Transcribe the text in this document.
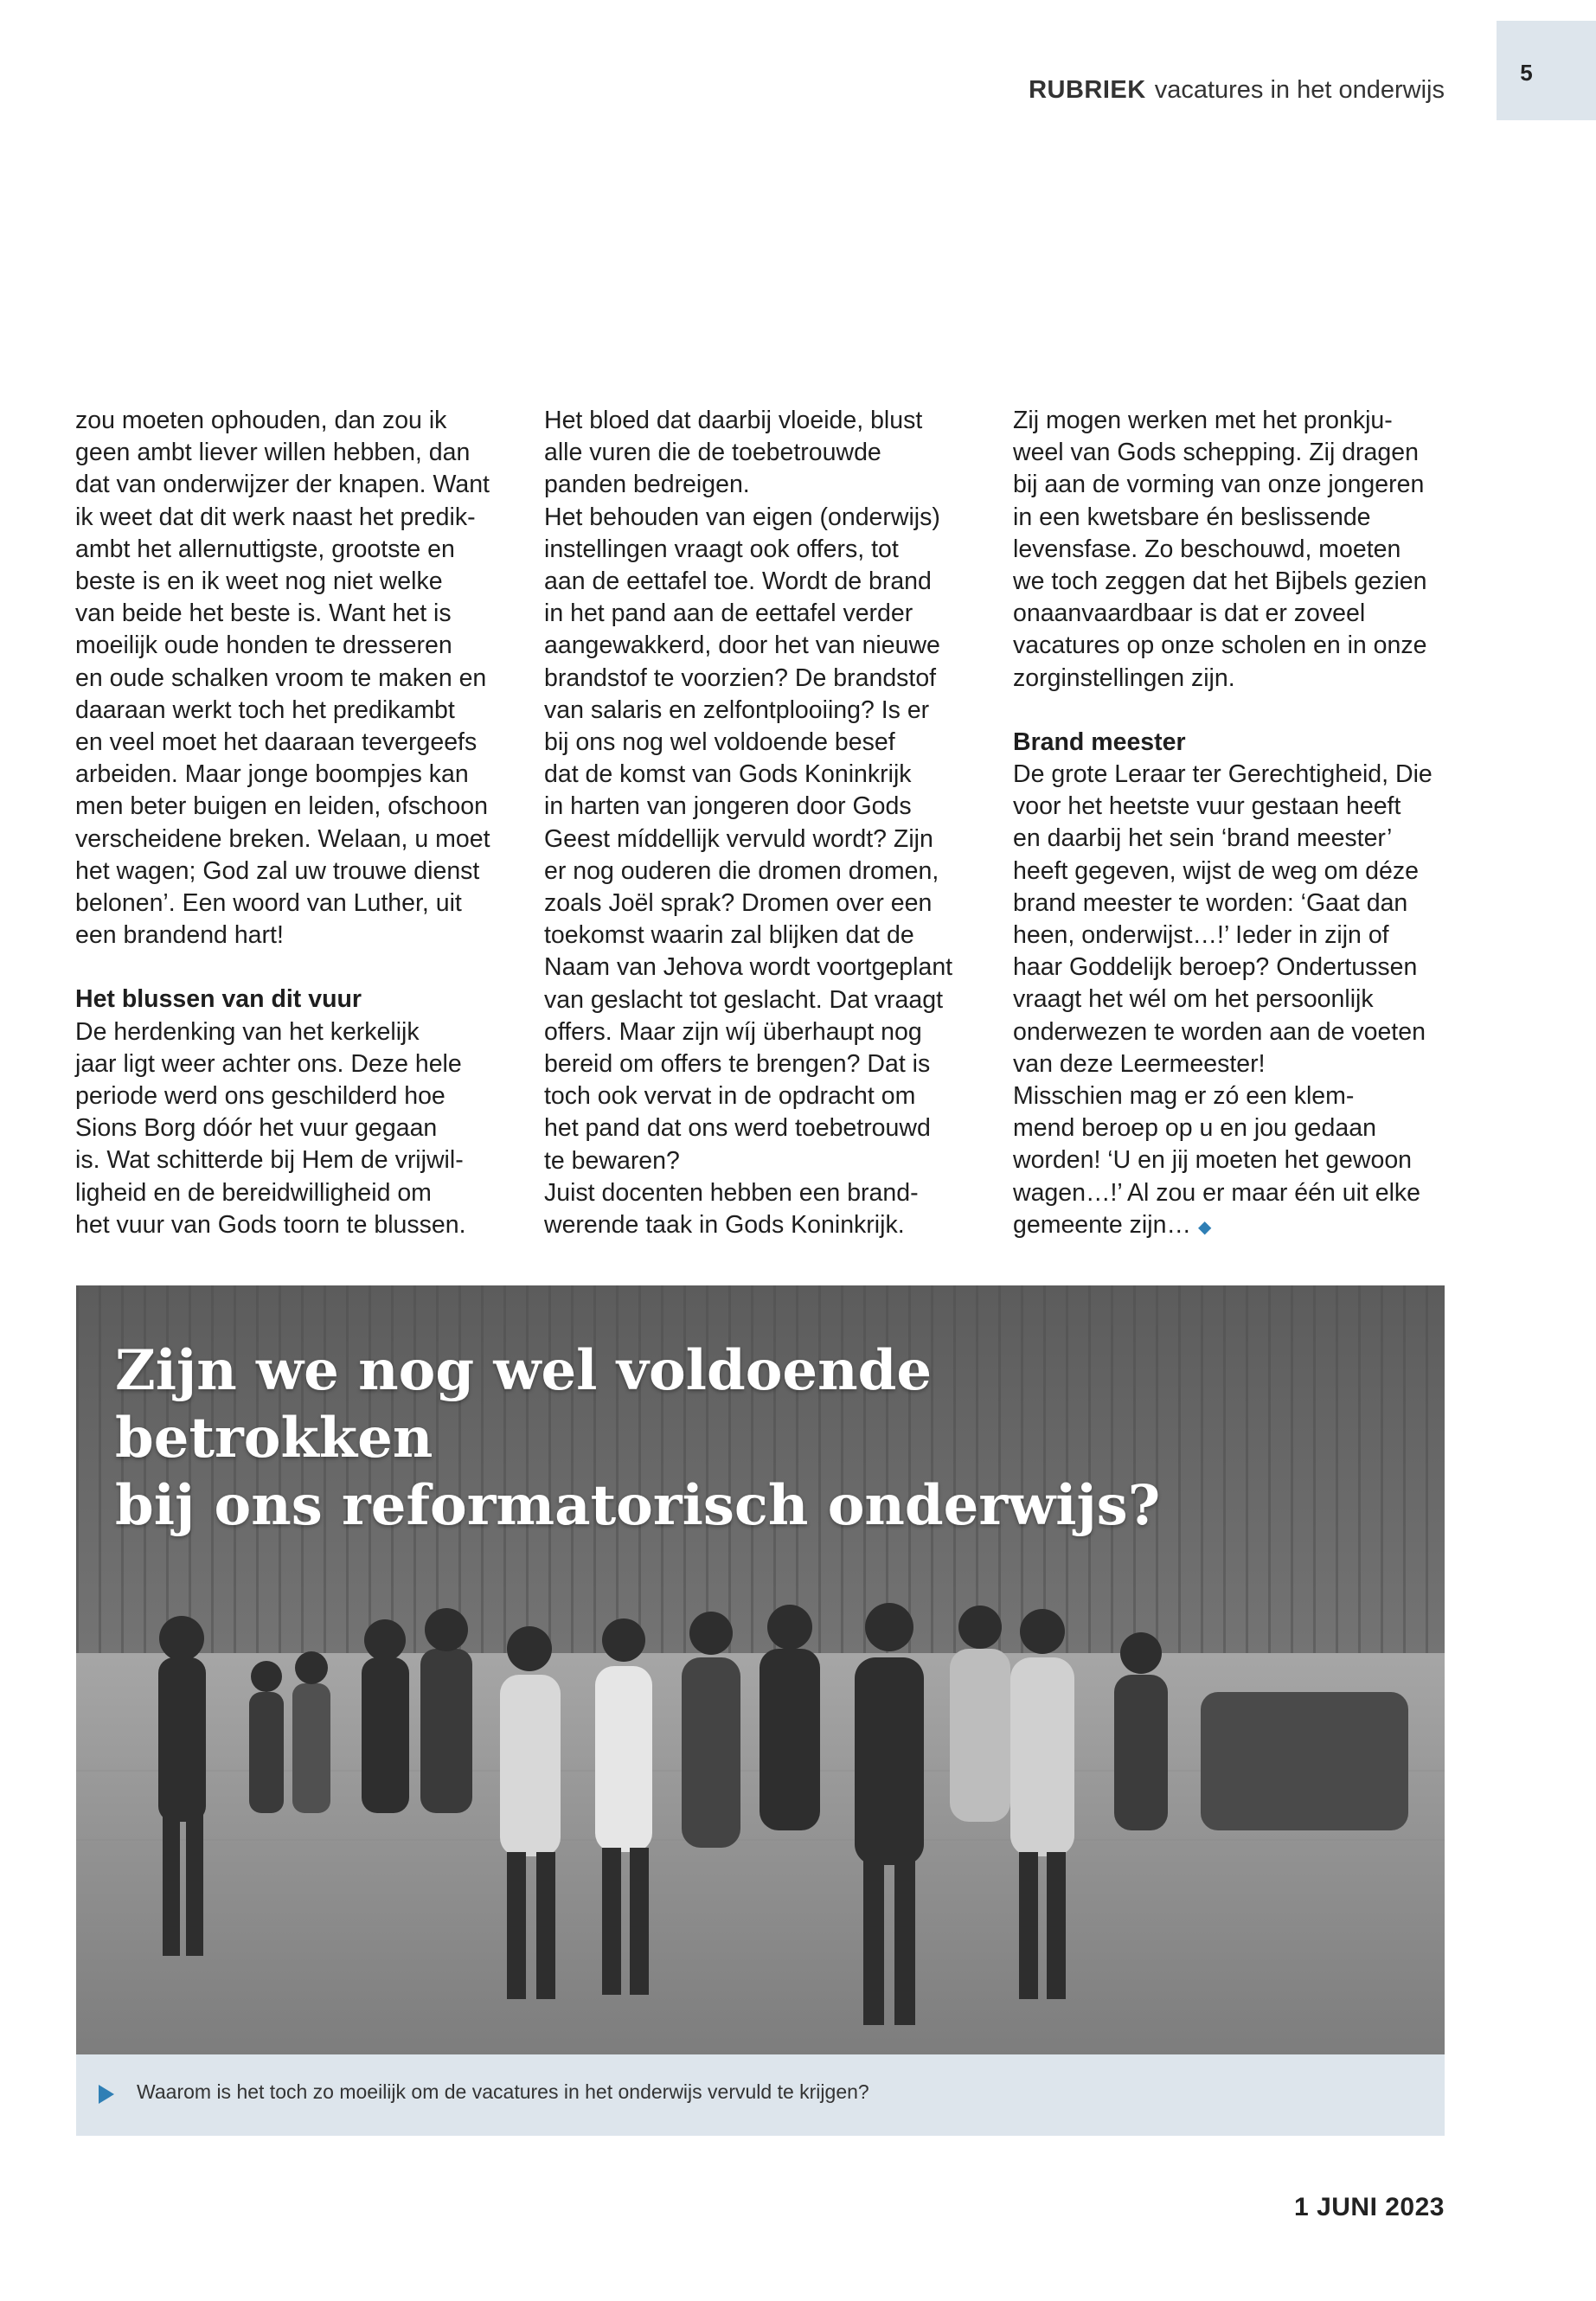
5
RUBRIEK vacatures in het onderwijs

zou moeten ophouden, dan zou ik
geen ambt liever willen hebben, dan
dat van onderwijzer der knapen. Want
ik weet dat dit werk naast het predik-
ambt het allernuttigste, grootste en
beste is en ik weet nog niet welke
van beide het beste is. Want het is
moeilijk oude honden te dresseren
en oude schalken vroom te maken en
daaraan werkt toch het predikambt
en veel moet het daaraan tevergeefs
arbeiden. Maar jonge boompjes kan
men beter buigen en leiden, ofschoon
verscheidene breken. Welaan, u moet
het wagen; God zal uw trouwe dienst
belonen’. Een woord van Luther, uit
een brandend hart!

Het blussen van dit vuur

De herdenking van het kerkelijk
jaar ligt weer achter ons. Deze hele
periode werd ons geschilderd hoe
Sions Borg dóór het vuur gegaan
is. Wat schitterde bij Hem de vrijwil-
ligheid en de bereidwilligheid om
het vuur van Gods toorn te blussen.

Het bloed dat daarbij vloeide, blust
alle vuren die de toebetrouwde
panden bedreigen.
Het behouden van eigen (onderwijs)
instellingen vraagt ook offers, tot
aan de eettafel toe. Wordt de brand
in het pand aan de eettafel verder
aangewakkerd, door het van nieuwe
brandstof te voorzien? De brandstof
van salaris en zelfontplooiing? Is er
bij ons nog wel voldoende besef
dat de komst van Gods Koninkrijk
in harten van jongeren door Gods
Geest míddellijk vervuld wordt? Zijn
er nog ouderen die dromen dromen,
zoals Joël sprak? Dromen over een
toekomst waarin zal blijken dat de
Naam van Jehova wordt voortgeplant
van geslacht tot geslacht. Dat vraagt
offers. Maar zijn wíj überhaupt nog
bereid om offers te brengen? Dat is
toch ook vervat in de opdracht om
het pand dat ons werd toebetrouwd
te bewaren?
Juist docenten hebben een brand-
werende taak in Gods Koninkrijk.

Zij mogen werken met het pronkju-
weel van Gods schepping. Zij dragen
bij aan de vorming van onze jongeren
in een kwetsbare én beslissende
levensfase. Zo beschouwd, moeten
we toch zeggen dat het Bijbels gezien
onaanvaardbaar is dat er zoveel
vacatures op onze scholen en in onze
zorginstellingen zijn.

Brand meester

De grote Leraar ter Gerechtigheid, Die
voor het heetste vuur gestaan heeft
en daarbij het sein ‘brand meester’
heeft gegeven, wijst de weg om déze
brand meester te worden: ‘Gaat dan
heen, onderwijst…!’ Ieder in zijn of
haar Goddelijk beroep? Ondertussen
vraagt het wél om het persoonlijk
onderwezen te worden aan de voeten
van deze Leermeester!
Misschien mag er zó een klem-
mend beroep op u en jou gedaan
worden! ‘U en jij moeten het gewoon
wagen…!’ Al zou er maar één uit elke
gemeente zijn… ◆

Zijn we nog wel voldoende betrokken
bij ons reformatorisch onderwijs?
Waarom is het toch zo moeilijk om de vacatures in het onderwijs vervuld te krijgen?
1 JUNI 2023
